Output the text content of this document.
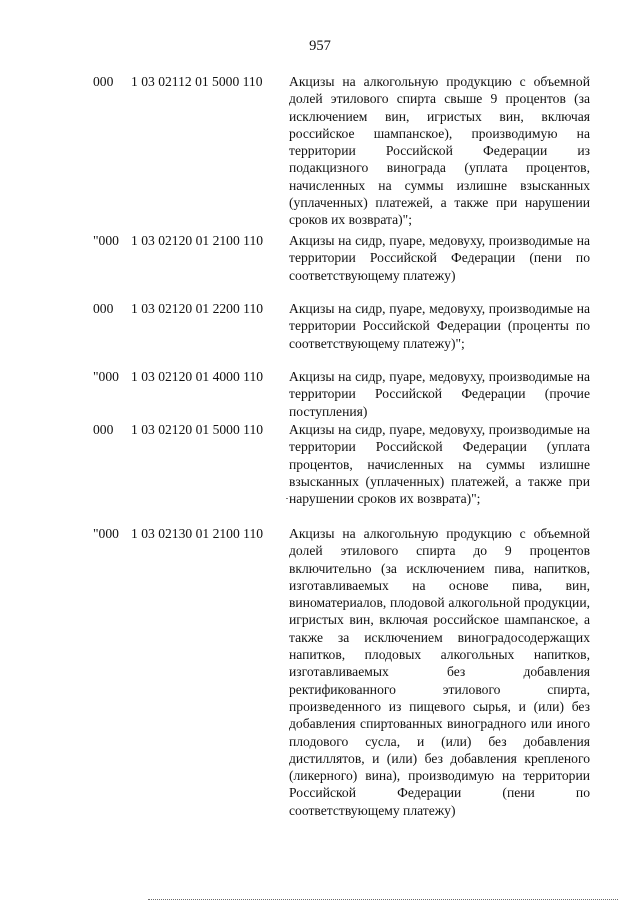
957
000 1 03 02112 01 5000 110 Акцизы на алкогольную продукцию с объемной долей этилового спирта свыше 9 процентов (за исключением вин, игристых вин, включая российское шампанское), производимую на территории Российской Федерации из подакцизного винограда (уплата процентов, начисленных на суммы излишне взысканных (уплаченных) платежей, а также при нарушении сроков их возврата)";
"000 1 03 02120 01 2100 110 Акцизы на сидр, пуаре, медовуху, производимые на территории Российской Федерации (пени по соответствующему платежу)
000 1 03 02120 01 2200 110 Акцизы на сидр, пуаре, медовуху, производимые на территории Российской Федерации (проценты по соответствующему платежу)";
"000 1 03 02120 01 4000 110 Акцизы на сидр, пуаре, медовуху, производимые на территории Российской Федерации (прочие поступления)
000 1 03 02120 01 5000 110 Акцизы на сидр, пуаре, медовуху, производимые на территории Российской Федерации (уплата процентов, начисленных на суммы излишне взысканных (уплаченных) платежей, а также при нарушении сроков их возврата)";
"000 1 03 02130 01 2100 110 Акцизы на алкогольную продукцию с объемной долей этилового спирта до 9 процентов включительно (за исключением пива, напитков, изготавливаемых на основе пива, вин, виноматериалов, плодовой алкогольной продукции, игристых вин, включая российское шампанское, а также за исключением виноградосодержащих напитков, плодовых алкогольных напитков, изготавливаемых без добавления ректификованного этилового спирта, произведенного из пищевого сырья, и (или) без добавления спиртованных виноградного или иного плодового сусла, и (или) без добавления дистиллятов, и (или) без добавления крепленого (ликерного) вина), производимую на территории Российской Федерации (пени по соответствующему платежу)
